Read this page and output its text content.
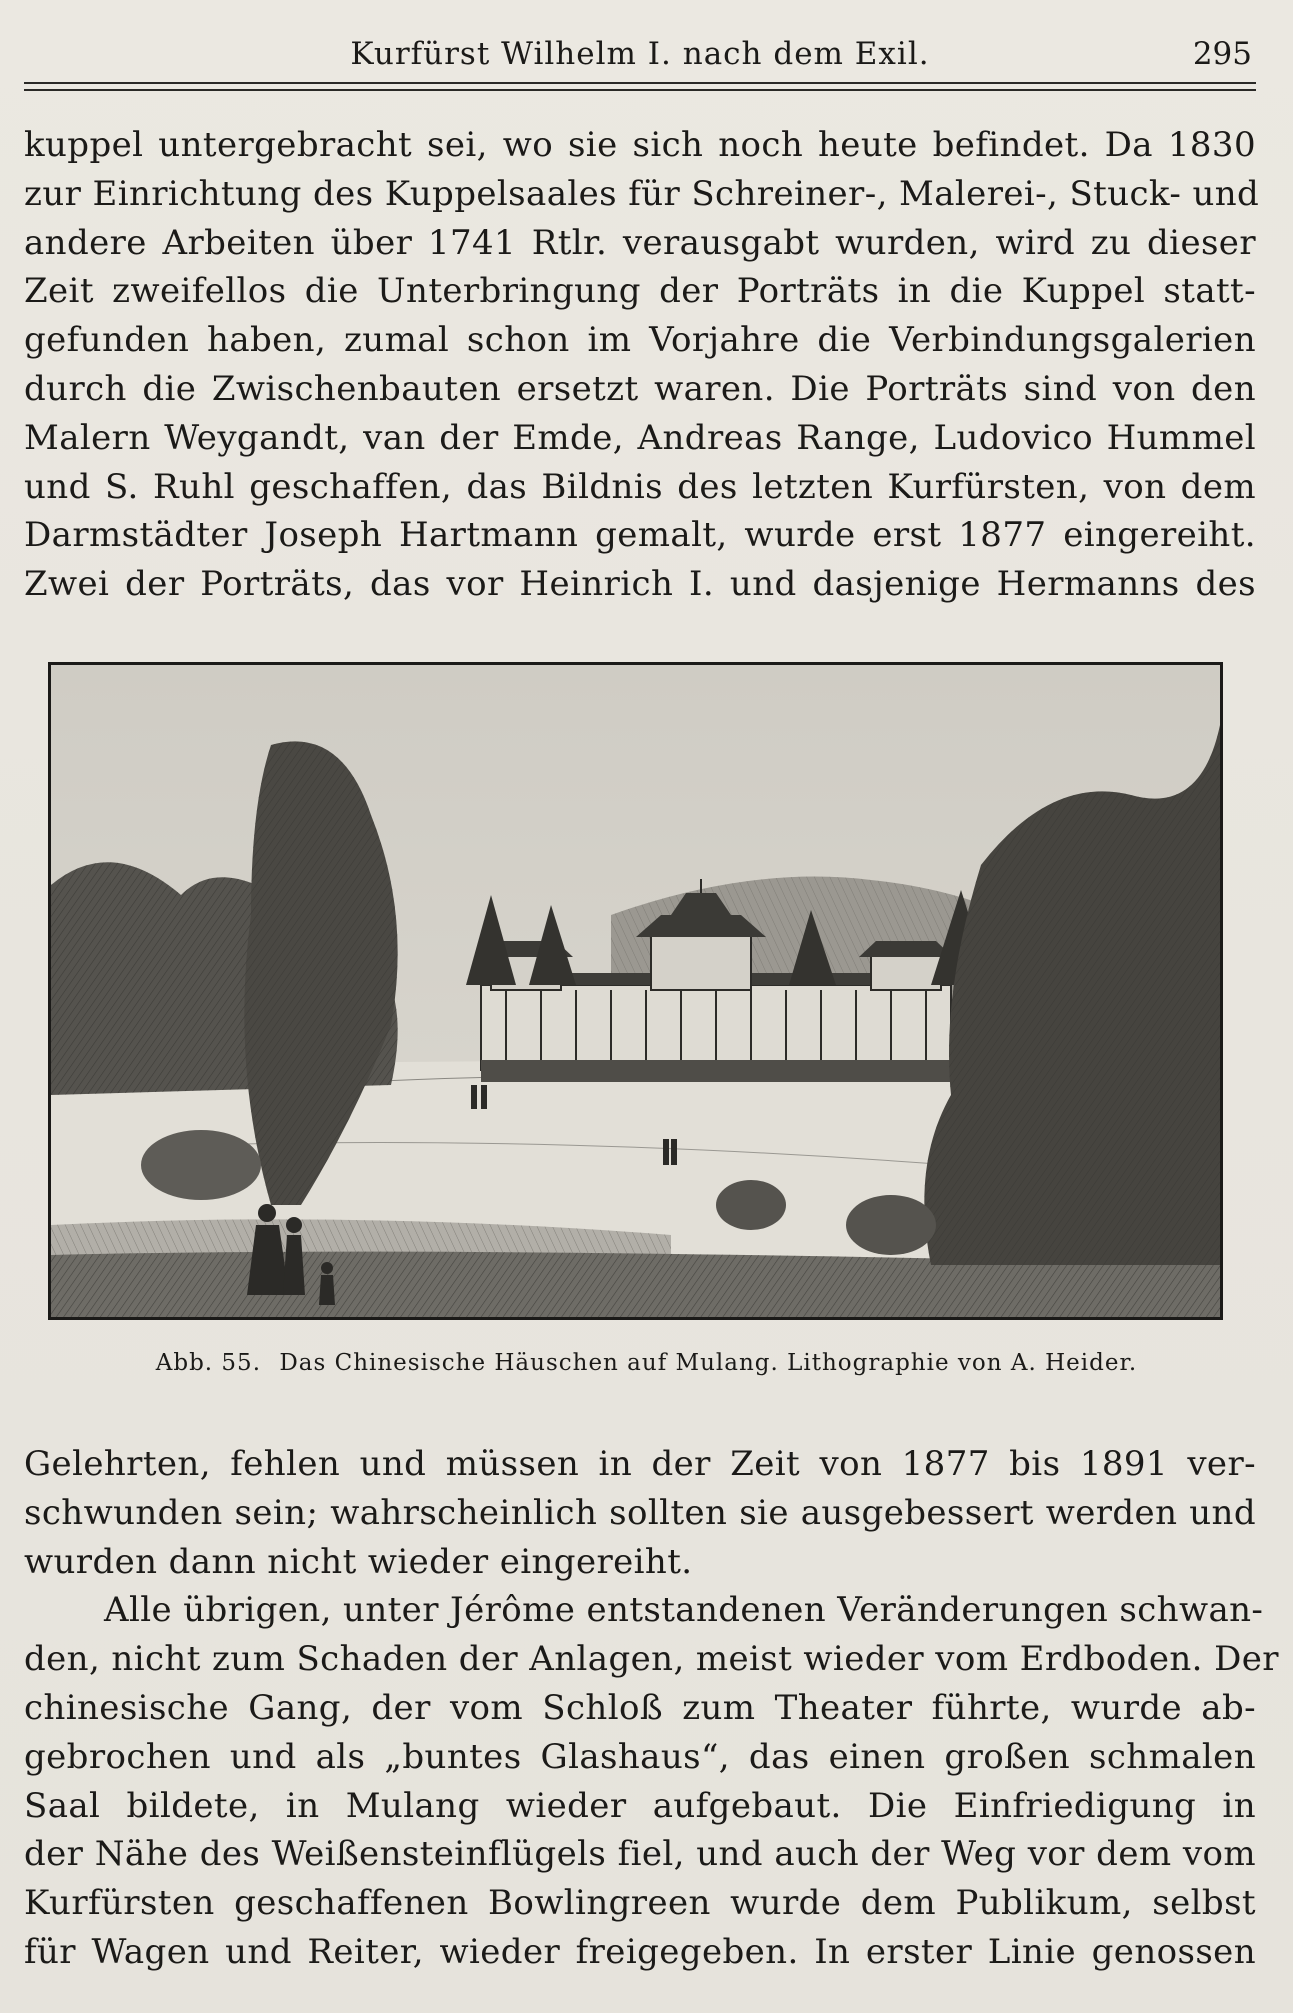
Kurfürst Wilhelm I. nach dem Exil.	295
kuppel untergebracht sei, wo sie sich noch heute befindet. Da 1830
zur Einrichtung des Kuppelsaales für Schreiner-, Malerei-, Stuck- und
andere Arbeiten über 1741 Rtlr. verausgabt wurden, wird zu dieser
Zeit zweifellos die Unterbringung der Porträts in die Kuppel statt-
gefunden haben, zumal schon im Vorjahre die Verbindungsgalerien
durch die Zwischenbauten ersetzt waren. Die Porträts sind von den
Malern Weygandt, van der Emde, Andreas Range, Ludovico Hummel
und S. Ruhl geschaffen, das Bildnis des letzten Kurfürsten, von dem
Darmstädter Joseph Hartmann gemalt, wurde erst 1877 eingereiht.
Zwei der Porträts, das vor Heinrich I. und dasjenige Hermanns des
Abb. 55. Das Chinesische Häuschen auf Mulang. Lithographie von A. Heider.
Gelehrten, fehlen und müssen in der Zeit von 1877 bis 1891 ver-
schwunden sein; wahrscheinlich sollten sie ausgebessert werden und
wurden dann nicht wieder eingereiht.
Alle übrigen, unter Jérôme entstandenen Veränderungen schwan-
den, nicht zum Schaden der Anlagen, meist wieder vom Erdboden. Der
chinesische Gang, der vom Schloß zum Theater führte, wurde ab-
gebrochen und als „buntes Glashaus“, das einen großen schmalen
Saal bildete, in Mulang wieder aufgebaut. Die Einfriedigung in
der Nähe des Weißensteinflügels fiel, und auch der Weg vor dem vom
Kurfürsten geschaffenen Bowlingreen wurde dem Publikum, selbst
für Wagen und Reiter, wieder freigegeben. In erster Linie genossen
